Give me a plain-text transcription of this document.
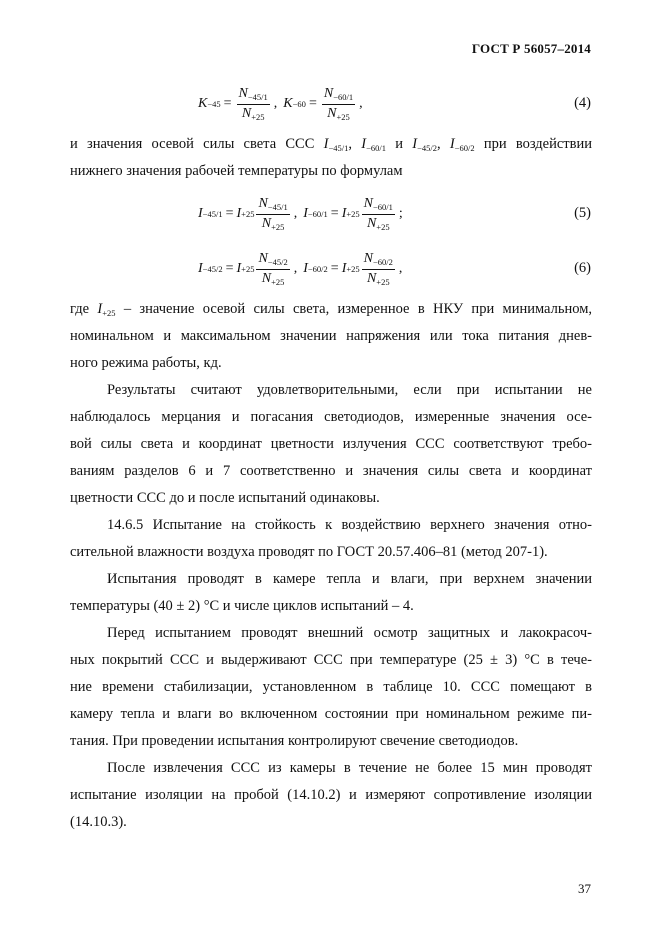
ГОСТ Р 56057–2014
$K -45 = \frac{N_{-45/1}}{N_{+25}}$ , $K -60 = \frac{N_{-60/1}}{N_{+25}}$ ,	(4)
и значения осевой силы света ССС $I_{-45/1}$, $I_{-60/1}$ и $I_{-45/2}$, $I_{-60/2}$ при воздействии
нижнего значения рабочей температуры по формулам
$I -45/1 = I +25 \frac{N_{-45/1}}{N_{+25}}$ , $I -60/1 = I +25 \frac{N_{-60/1}}{N_{+25}}$ ;	(5)
$I -45/2 = I +25 \frac{N_{-45/2}}{N_{+25}}$ , $I -60/2 = I +25 \frac{N_{-60/2}}{N_{+25}}$ ,	(6)
где $I_{+25}$ – значение осевой силы света, измеренное в НКУ при минимальном,
номинальном и максимальном значении напряжения или тока питания днев-
ного режима работы, кд.
Результаты считают удовлетворительными, если при испытании не
наблюдалось мерцания и погасания светодиодов, измеренные значения осе-
вой силы света и координат цветности излучения ССС соответствуют требо-
ваниям разделов 6 и 7 соответственно и значения силы света и координат
цветности ССС до и после испытаний одинаковы.
14.6.5 Испытание на стойкость к воздействию верхнего значения отно-
сительной влажности воздуха проводят по ГОСТ 20.57.406–81 (метод 207-1).
Испытания проводят в камере тепла и влаги, при верхнем значении
температуры (40 ± 2) °С и числе циклов испытаний – 4.
Перед испытанием проводят внешний осмотр защитных и лакокрасоч-
ных покрытий ССС и выдерживают ССС при температуре (25 ± 3) °С в тече-
ние времени стабилизации, установленном в таблице 10. ССС помещают в
камеру тепла и влаги во включенном состоянии при номинальном режиме пи-
тания. При проведении испытания контролируют свечение светодиодов.
После извлечения ССС из камеры в течение не более 15 мин проводят
испытание изоляции на пробой (14.10.2) и измеряют сопротивление изоляции
(14.10.3).
37
